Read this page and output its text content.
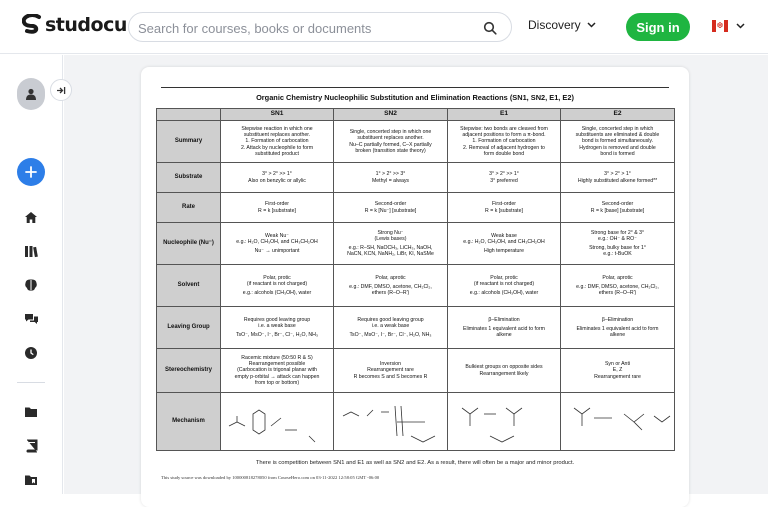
studocu
Search for courses, books or documents	Discovery	Sign in	❆
Organic Chemistry Nucleophilic Substitution and Elimination Reactions (SN1, SN2, E1, E2)
	SN1	SN2	E1	E2
Summary	Stepwise reaction in which one
substituent replaces another.
1. Formation of carbocation
2. Attack by nucleophile to form
substituted product	Single, concerted step in which one
substituent replaces another.
Nu–C partially formed, C–X partially
broken (transition state theory)	Stepwise: two bonds are cleaved from
adjacent positions to form a π-bond.
1. Formation of carbocation
2. Removal of adjacent hydrogen to
form double bond	Single, concerted step in which
substituents are eliminated & double
bond is formed simultaneously.
Hydrogen is removed and double
bond is formed

Substrate	3° > 2° >> 1°
Also on benzylic or allylic	1° > 2° >> 3°
Methyl = always	3° > 2° >> 1°
3° preferred	3° > 2° > 1°
Highly substituted alkene formed**

Rate	First-order
R = k [substrate]	Second-order
R = k [Nu⁻] [substrate]	First-order
R = k [substrate]	Second-order
R = k [base] [substrate]

Nucleophile (Nu⁻)	Weak Nu⁻
e.g.: H₂O, CH₃OH, and CH₃CH₂OH
Nu⁻ → unimportant	Strong Nu⁻
(Lewis bases)
e.g.: R–SH, NaOCH₃, LiCH₃, NaOH,
NaCN, KCN, NaNH₂, LiBr, KI, NaSMe	Weak base
e.g.: H₂O, CH₃OH, and CH₃CH₂OH
High temperature	Strong base for 2° & 3°
e.g.: OH⁻ & RO⁻
Strong, bulky base for 1°
e.g.: t-BuOK

Solvent	Polar, protic
(if reactant is not charged)
e.g.: alcohols (CH₃OH), water	Polar, aprotic
e.g.: DMF, DMSO, acetone, CH₂Cl₂,
ethers (R–O–R')	Polar, protic
(if reactant is not charged)
e.g.: alcohols (CH₃OH), water	Polar, aprotic
e.g.: DMF, DMSO, acetone, CH₂Cl₂,
ethers (R–O–R')

Leaving Group	Requires good leaving group
i.e. a weak base
TsO⁻, MsO⁻, I⁻, Br⁻, Cl⁻, H₂O, NH₃	Requires good leaving group
i.e. a weak base
TsO⁻, MsO⁻, I⁻, Br⁻, Cl⁻, H₂O, NH₃	β–Elimination
Eliminates 1 equivalent acid to form
alkene	β–Elimination
Eliminates 1 equivalent acid to form
alkene

Stereochemistry	Racemic mixture (50:50 R & S)
Rearrangement possible
(Carbocation is trigonal planar with
empty p-orbital → attack can happen
from top or bottom)	Inversion
Rearrangement rare
R becomes S and S becomes R	Bulkiest groups on opposite sides
Rearrangement likely	Syn or Anti
E, Z
Rearrangement rare

Mechanism	

There is competition between SN1 and E1 as well as SN2 and E2. As a result, there will often be a major and minor product.
This study source was downloaded by 100000818278050 from CourseHero.com on 03-11-2022 12:58:05 GMT -06:00
